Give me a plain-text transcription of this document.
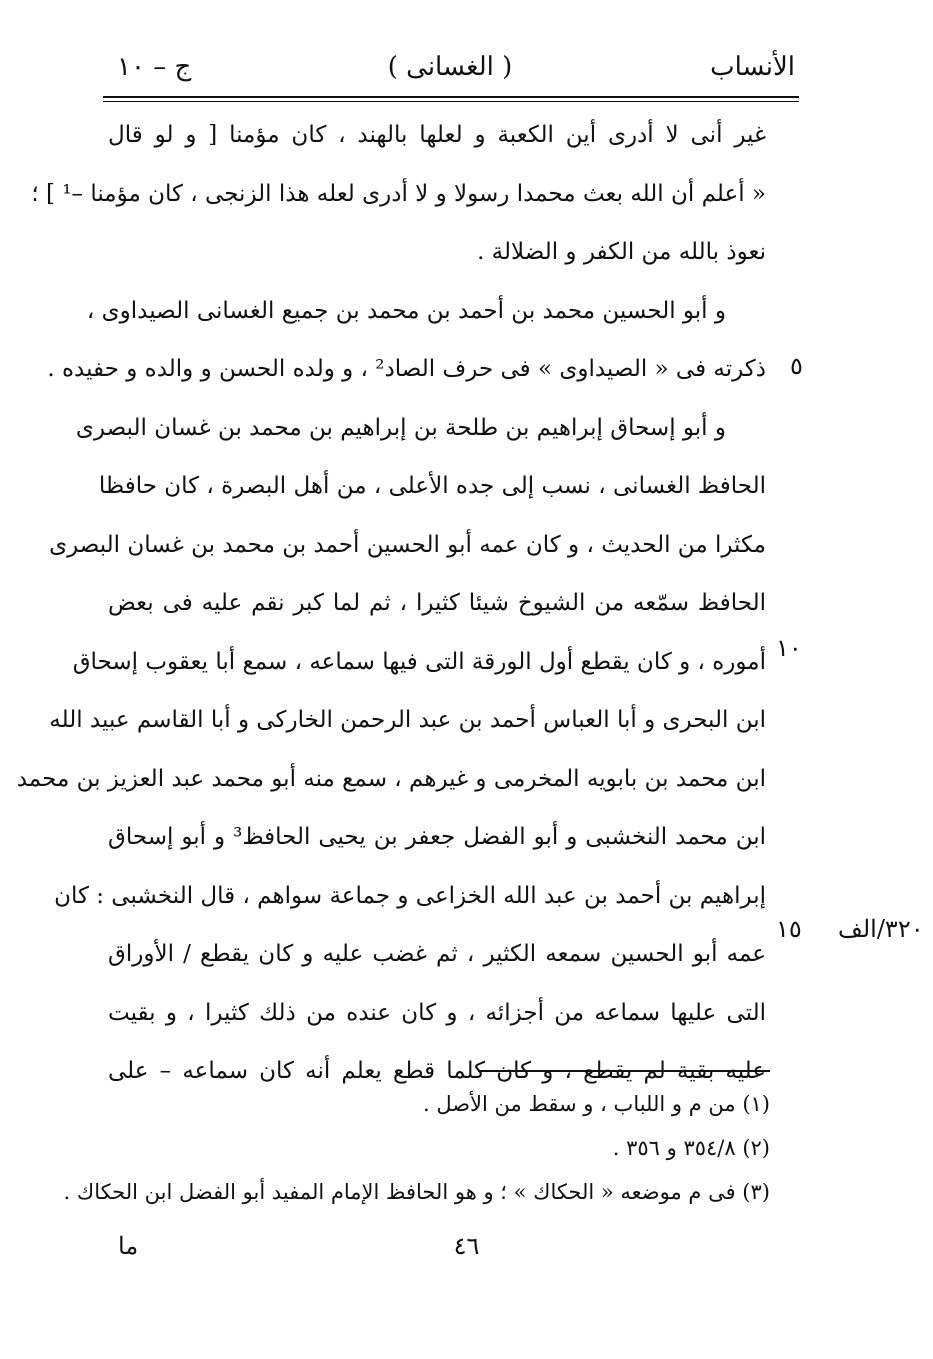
الأنساب
( الغسانى )
ج – ١٠
غير أنى لا أدرى أين الكعبة و لعلها بالهند ، كان مؤمنا [ و لو قال
« أعلم أن الله بعث محمدا رسولا و لا أدرى لعله هذا الزنجى ، كان مؤمنا –¹ ] ؛
نعوذ بالله من الكفر و الضلالة .
و أبو الحسين محمد بن أحمد بن محمد بن جميع الغسانى الصيداوى ،
ذكرته فى « الصيداوى » فى حرف الصاد² ، و ولده الحسن و والده و حفيده .
و أبو إسحاق إبراهيم بن طلحة بن إبراهيم بن محمد بن غسان البصرى
الحافظ الغسانى ، نسب إلى جده الأعلى ، من أهل البصرة ، كان حافظا
مكثرا من الحديث ، و كان عمه أبو الحسين أحمد بن محمد بن غسان البصرى
الحافظ سمّعه من الشيوخ شيئا كثيرا ، ثم لما كبر نقم عليه فى بعض
أموره ، و كان يقطع أول الورقة التى فيها سماعه ، سمع أبا يعقوب إسحاق
ابن البحرى و أبا العباس أحمد بن عبد الرحمن الخاركى و أبا القاسم عبيد الله
ابن محمد بن بابويه المخرمى و غيرهم ، سمع منه أبو محمد عبد العزيز بن محمد
ابن محمد النخشبى و أبو الفضل جعفر بن يحيى الحافظ³ و أبو إسحاق
إبراهيم بن أحمد بن عبد الله الخزاعى و جماعة سواهم ، قال النخشبى : كان
عمه أبو الحسين سمعه الكثير ، ثم غضب عليه و كان يقطع / الأوراق
التى عليها سماعه من أجزائه ، و كان عنده من ذلك كثيرا ، و بقيت
عليه بقية لم يقطع ، و كان كلما قطع يعلم أنه كان سماعه – على
٥
١٠
١٥ ٣٢٠/الف
(١) من م و اللباب ، و سقط من الأصل .
(٢) ٣٥٤/٨ و ٣٥٦ .
(٣) فى م موضعه « الحكاك » ؛ و هو الحافظ الإمام المفيد أبو الفضل ابن الحكاك .
٤٦
ما
